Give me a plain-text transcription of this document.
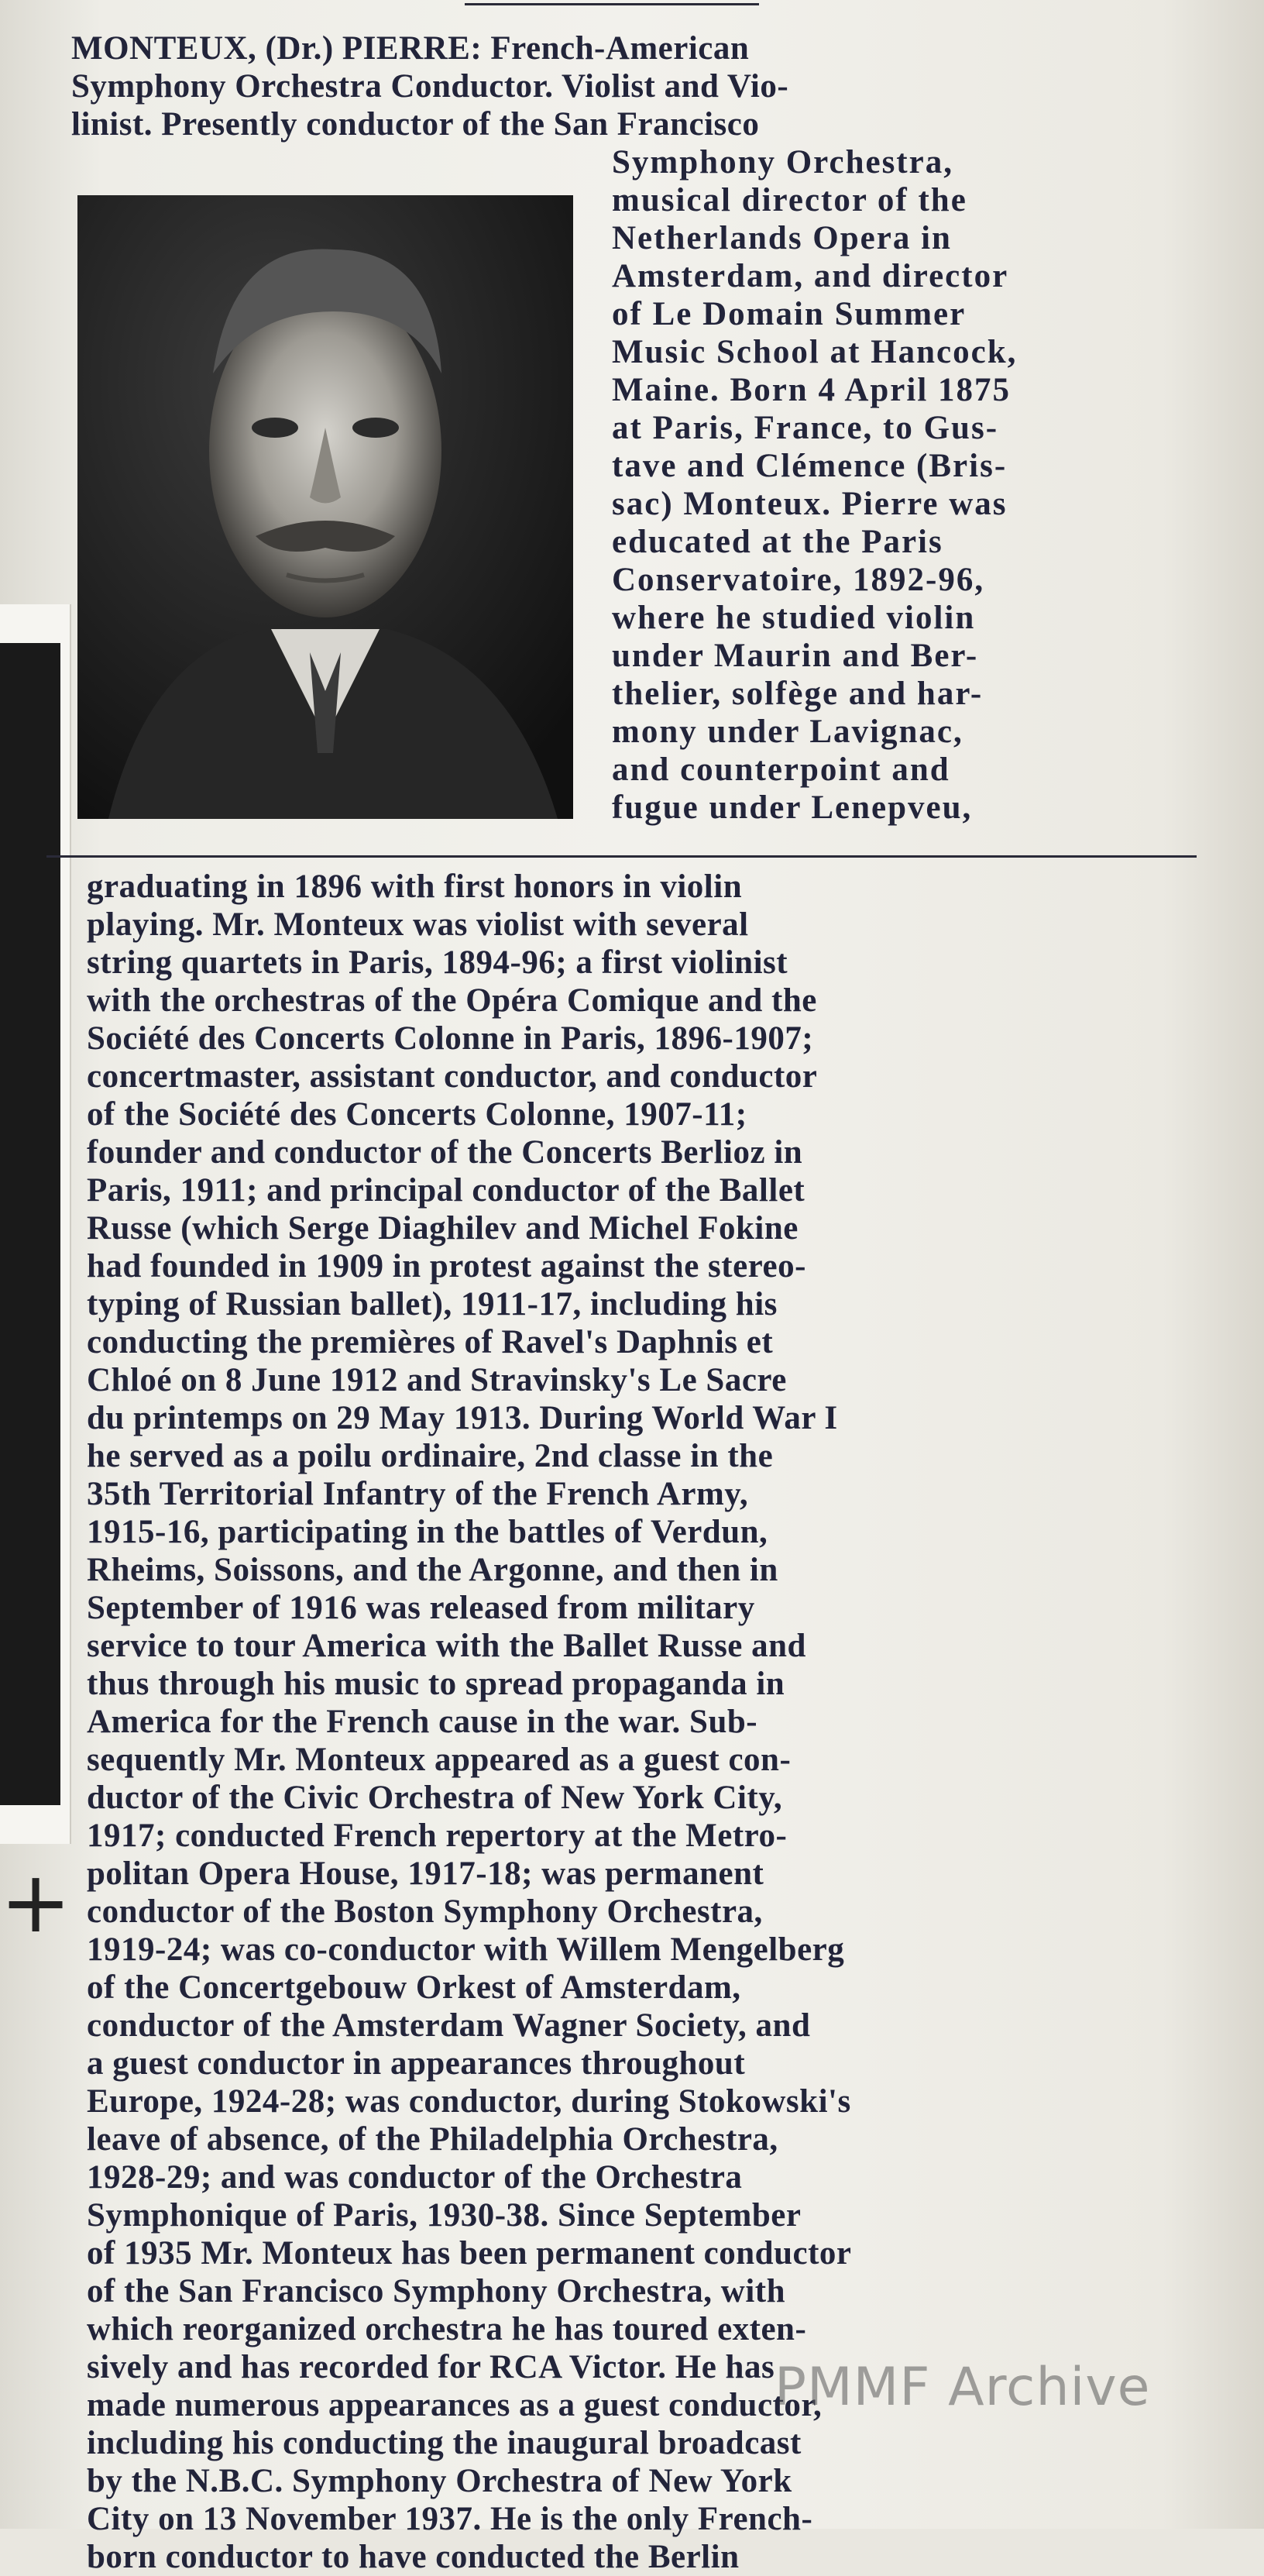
+
MONTEUX, (Dr.) PIERRE: French-American
Symphony Orchestra Conductor. Violist and Vio-
linist. Presently conductor of the San Francisco
Symphony Orchestra,
musical director of the
Netherlands Opera in
Amsterdam, and director
of Le Domain Summer
Music School at Hancock,
Maine. Born 4 April 1875
at Paris, France, to Gus-
tave and Clémence (Bris-
sac) Monteux. Pierre was
educated at the Paris
Conservatoire, 1892-96,
where he studied violin
under Maurin and Ber-
thelier, solfège and har-
mony under Lavignac,
and counterpoint and
fugue under Lenepveu,
graduating in 1896 with first honors in violin
playing. Mr. Monteux was violist with several
string quartets in Paris, 1894-96; a first violinist
with the orchestras of the Opéra Comique and the
Société des Concerts Colonne in Paris, 1896-1907;
concertmaster, assistant conductor, and conductor
of the Société des Concerts Colonne, 1907-11;
founder and conductor of the Concerts Berlioz in
Paris, 1911; and principal conductor of the Ballet
Russe (which Serge Diaghilev and Michel Fokine
had founded in 1909 in protest against the stereo-
typing of Russian ballet), 1911-17, including his
conducting the premières of Ravel's Daphnis et
Chloé on 8 June 1912 and Stravinsky's Le Sacre
du printemps on 29 May 1913. During World War I
he served as a poilu ordinaire, 2nd classe in the
35th Territorial Infantry of the French Army,
1915-16, participating in the battles of Verdun,
Rheims, Soissons, and the Argonne, and then in
September of 1916 was released from military
service to tour America with the Ballet Russe and
thus through his music to spread propaganda in
America for the French cause in the war. Sub-
sequently Mr. Monteux appeared as a guest con-
ductor of the Civic Orchestra of New York City,
1917; conducted French repertory at the Metro-
politan Opera House, 1917-18; was permanent
conductor of the Boston Symphony Orchestra,
1919-24; was co-conductor with Willem Mengelberg
of the Concertgebouw Orkest of Amsterdam,
conductor of the Amsterdam Wagner Society, and
a guest conductor in appearances throughout
Europe, 1924-28; was conductor, during Stokowski's
leave of absence, of the Philadelphia Orchestra,
1928-29; and was conductor of the Orchestra
Symphonique of Paris, 1930-38. Since September
of 1935 Mr. Monteux has been permanent conductor
of the San Francisco Symphony Orchestra, with
which reorganized orchestra he has toured exten-
sively and has recorded for RCA Victor. He has
made numerous appearances as a guest conductor,
including his conducting the inaugural broadcast
by the N.B.C. Symphony Orchestra of New York
City on 13 November 1937. He is the only French-
born conductor to have conducted the Berlin
PMMF Archive
